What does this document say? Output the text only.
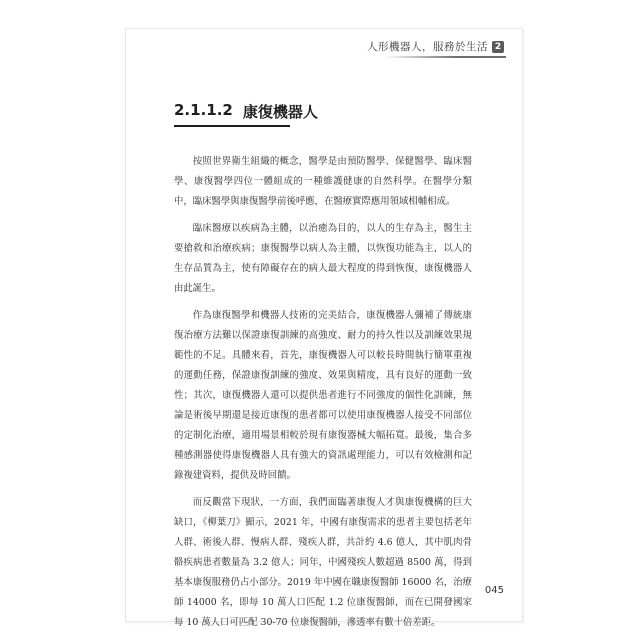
人形機器人，服務於生活 2
2.1.1.2 康復機器人

按照世界衛生組織的概念，醫學是由預防醫學、保健醫學、臨床醫學、康復醫學四位一體組成的一種維護健康的自然科學。在醫學分類中，臨床醫學與康復醫學前後呼應，在醫療實際應用領域相輔相成。

臨床醫療以疾病為主體，以治癒為目的，以人的生存為主，醫生主要搶救和治療疾病；康復醫學以病人為主體，以恢復功能為主，以人的生存品質為主，使有障礙存在的病人最大程度的得到恢復，康復機器人由此誕生。

作為康復醫學和機器人技術的完美結合，康復機器人彌補了傳統康復治療方法難以保證康復訓練的高強度、耐力的持久性以及訓練效果規範性的不足。具體來看，首先，康復機器人可以較長時間執行簡單重複的運動任務，保證康復訓練的強度、效果與精度，具有良好的運動一致性；其次，康復機器人還可以提供患者進行不同強度的個性化訓練，無論是術後早期還是接近康復的患者都可以使用康復機器人接受不同部位的定制化治療，適用場景相較於現有康復器械大幅拓寬。最後，集合多種感測器使得康復機器人具有強大的資訊處理能力，可以有效檢測和記錄複建資料，提供及時回饋。

而反觀當下現狀，一方面，我們面臨著康復人才與康復機構的巨大缺口，《柳葉刀》顯示，2021 年，中國有康復需求的患者主要包括老年人群、術後人群、慢病人群、殘疾人群，共計約 4.6 億人，其中肌肉骨骼疾病患者數量為 3.2 億人；同年，中國殘疾人數超過 8500 萬，得到基本康復服務仍占小部分。2019 年中國在職康復醫師 16000 名，治療師 14000 名，即每 10 萬人口匹配 1.2 位康復醫師，而在已開發國家每 10 萬人口可匹配 30-70 位康復醫師，滲透率有數十倍差距。

045
